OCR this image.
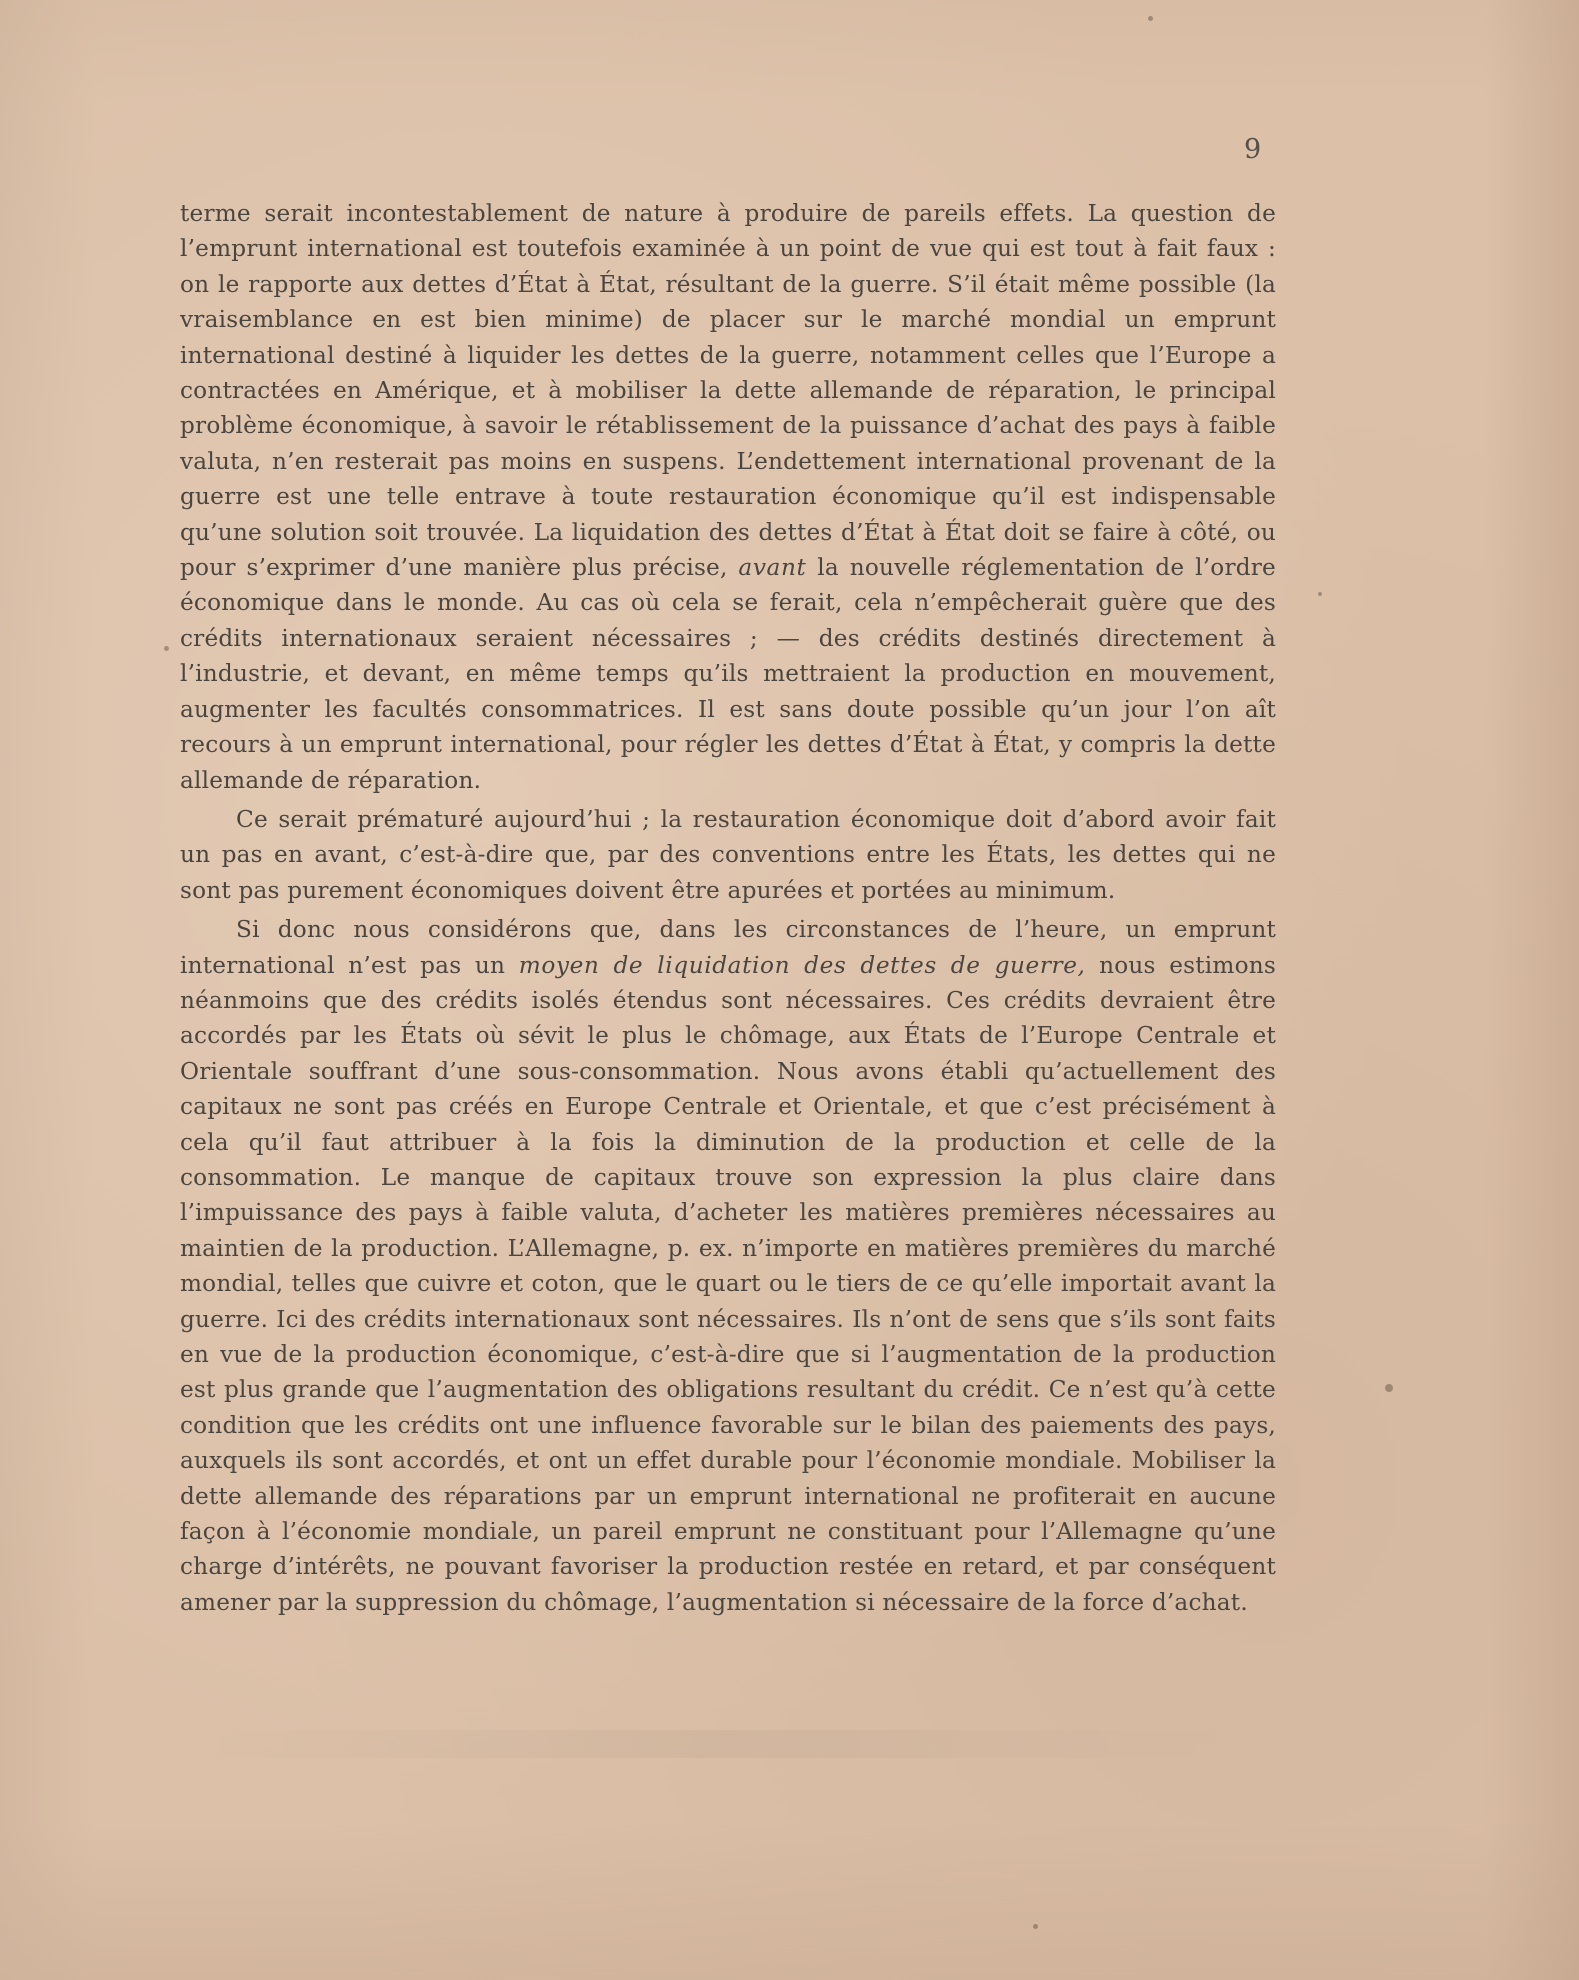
9

terme serait incontestablement de nature à produire de pareils effets. La question de l’emprunt international est toutefois examinée à un point de vue qui est tout à fait faux : on le rapporte aux dettes d’État à État, résultant de la guerre. S’il était même possible (la vraisemblance en est bien minime) de placer sur le marché mondial un emprunt international destiné à liquider les dettes de la guerre, notamment celles que l’Europe a contractées en Amérique, et à mobiliser la dette allemande de réparation, le principal problème économique, à savoir le rétablissement de la puissance d’achat des pays à faible valuta, n’en resterait pas moins en suspens. L’endettement international provenant de la guerre est une telle entrave à toute restauration économique qu’il est indispensable qu’une solution soit trouvée. La liquidation des dettes d’État à État doit se faire à côté, ou pour s’exprimer d’une manière plus précise, avant la nouvelle réglementation de l’ordre économique dans le monde. Au cas où cela se ferait, cela n’empêcherait guère que des crédits internationaux seraient nécessaires ; — des crédits destinés directement à l’industrie, et devant, en même temps qu’ils mettraient la production en mouvement, augmenter les facultés consommatrices. Il est sans doute possible qu’un jour l’on aît recours à un emprunt international, pour régler les dettes d’État à État, y compris la dette allemande de réparation.

Ce serait prématuré aujourd’hui ; la restauration économique doit d’abord avoir fait un pas en avant, c’est-à-dire que, par des conventions entre les États, les dettes qui ne sont pas purement économiques doivent être apurées et portées au minimum.

Si donc nous considérons que, dans les circonstances de l’heure, un emprunt international n’est pas un moyen de liquidation des dettes de guerre, nous estimons néanmoins que des crédits isolés étendus sont nécessaires. Ces crédits devraient être accordés par les États où sévit le plus le chômage, aux États de l’Europe Centrale et Orientale souffrant d’une sous-consommation. Nous avons établi qu’actuellement des capitaux ne sont pas créés en Europe Centrale et Orientale, et que c’est précisément à cela qu’il faut attribuer à la fois la diminution de la production et celle de la consommation. Le manque de capitaux trouve son expression la plus claire dans l’impuissance des pays à faible valuta, d’acheter les matières premières nécessaires au maintien de la production. L’Allemagne, p. ex. n’importe en matières premières du marché mondial, telles que cuivre et coton, que le quart ou le tiers de ce qu’elle importait avant la guerre. Ici des crédits internationaux sont nécessaires. Ils n’ont de sens que s’ils sont faits en vue de la production économique, c’est-à-dire que si l’augmentation de la production est plus grande que l’augmentation des obligations resultant du crédit. Ce n’est qu’à cette condition que les crédits ont une influence favorable sur le bilan des paiements des pays, auxquels ils sont accordés, et ont un effet durable pour l’économie mondiale. Mobiliser la dette allemande des réparations par un emprunt international ne profiterait en aucune façon à l’économie mondiale, un pareil emprunt ne constituant pour l’Allemagne qu’une charge d’intérêts, ne pouvant favoriser la production restée en retard, et par conséquent amener par la suppression du chômage, l’augmentation si nécessaire de la force d’achat.
